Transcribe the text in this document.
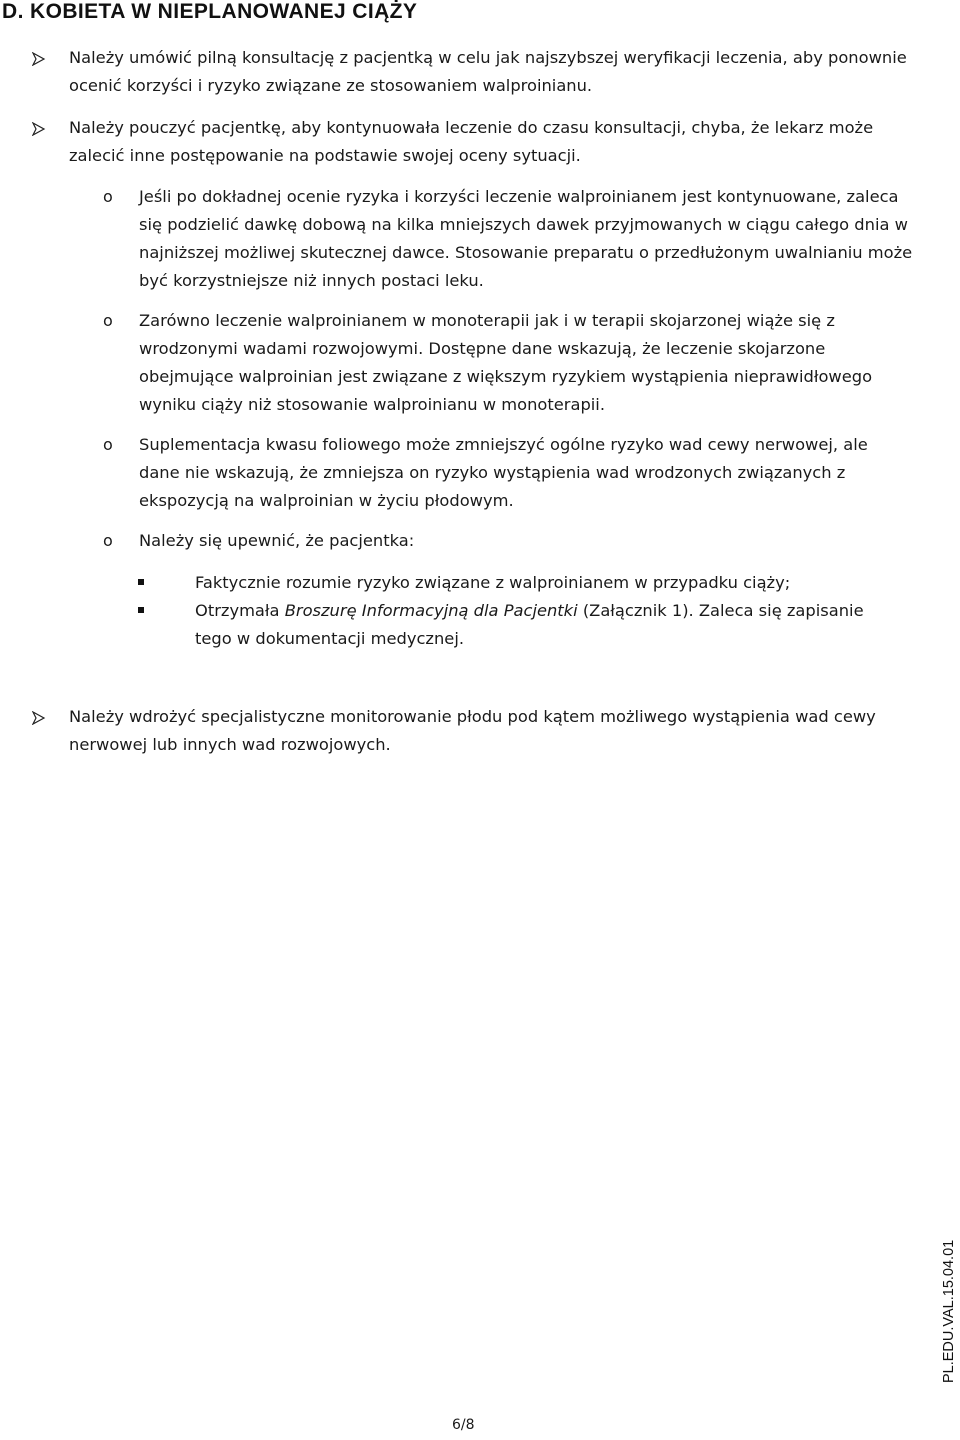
D. KOBIETA W NIEPLANOWANEJ CIĄŻY
Należy umówić pilną konsultację z pacjentką w celu jak najszybszej weryfikacji leczenia, aby ponownie ocenić korzyści i ryzyko związane ze stosowaniem walproinianu.
Należy pouczyć pacjentkę, aby kontynuowała leczenie do czasu konsultacji, chyba, że lekarz może zalecić inne postępowanie na podstawie swojej oceny sytuacji.
o Jeśli po dokładnej ocenie ryzyka i korzyści leczenie walproinianem jest kontynuowane, zaleca się podzielić dawkę dobową na kilka mniejszych dawek przyjmowanych w ciągu całego dnia w najniższej możliwej skutecznej dawce. Stosowanie preparatu o przedłużonym uwalnianiu może być korzystniejsze niż innych postaci leku.
o Zarówno leczenie walproinianem w monoterapii jak i w terapii skojarzonej wiąże się z wrodzonymi wadami rozwojowymi. Dostępne dane wskazują, że leczenie skojarzone obejmujące walproinian jest związane z większym ryzykiem wystąpienia nieprawidłowego wyniku ciąży niż stosowanie walproinianu w monoterapii.
o Suplementacja kwasu foliowego może zmniejszyć ogólne ryzyko wad cewy nerwowej, ale dane nie wskazują, że zmniejsza on ryzyko wystąpienia wad wrodzonych związanych z ekspozycją na walproinian w życiu płodowym.
o Należy się upewnić, że pacjentka:
Faktycznie rozumie ryzyko związane z walproinianem w przypadku ciąży;
Otrzymała Broszurę Informacyjną dla Pacjentki (Załącznik 1). Zaleca się zapisanie tego w dokumentacji medycznej.
Należy wdrożyć specjalistyczne monitorowanie płodu pod kątem możliwego wystąpienia wad cewy nerwowej lub innych wad rozwojowych.
PL.EDU.VAL.15.04.01
6/8
